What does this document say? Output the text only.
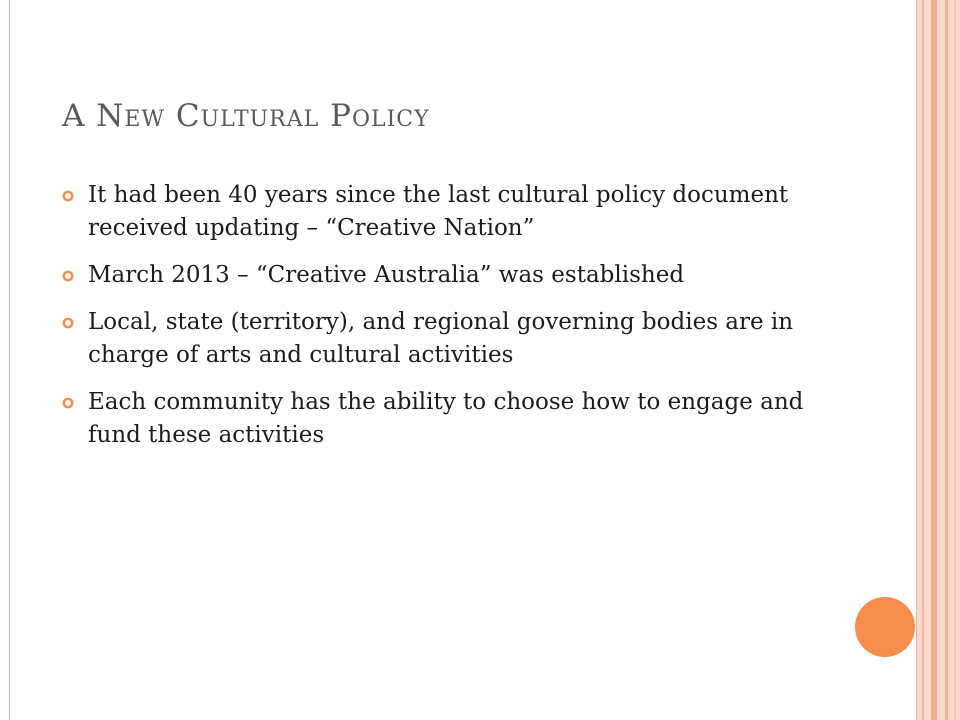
A New Cultural Policy
It had been 40 years since the last cultural policy document received updating – “Creative Nation”
March 2013 – “Creative Australia” was established
Local, state (territory), and regional governing bodies are in charge of arts and cultural activities
Each community has the ability to choose how to engage and fund these activities
